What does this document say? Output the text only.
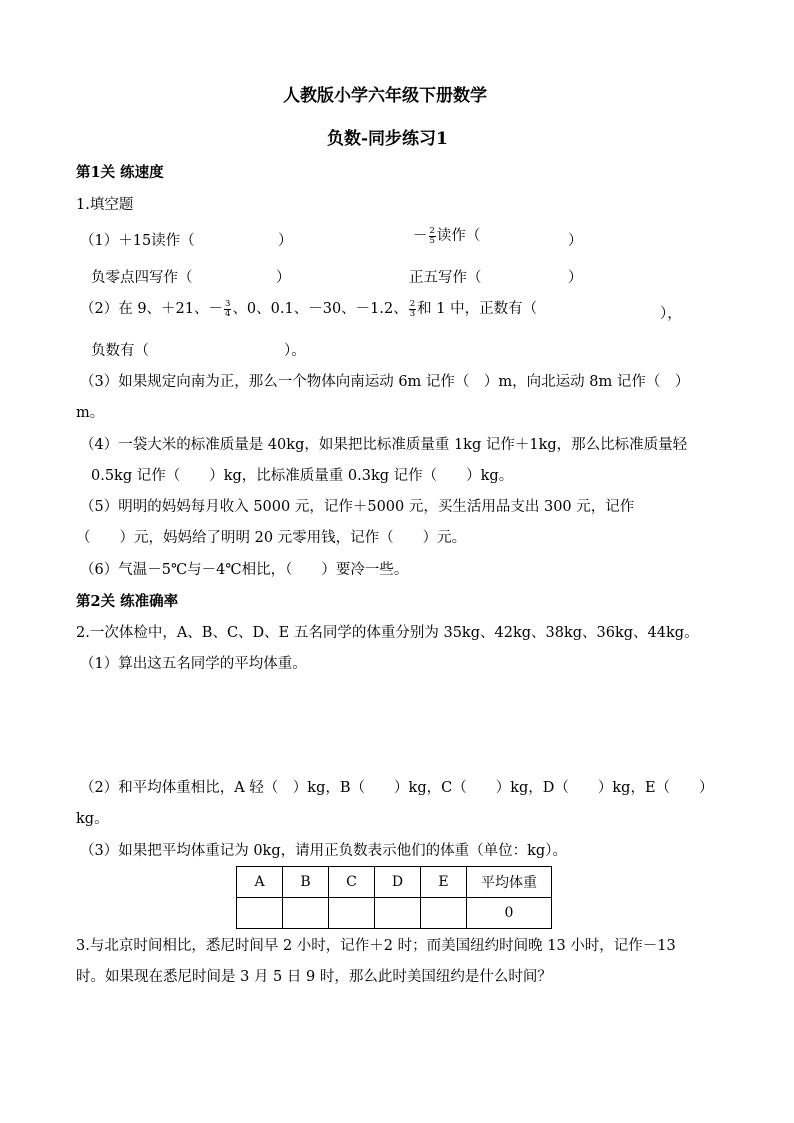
人教版小学六年级下册数学
负数-同步练习1
第1关 练速度
1.填空题
（1）＋15读作（	）	－ $\frac{2}{5}$ 读作（	）
负零点四写作（	）	正五写作（	）
（2）在 9、＋21、－ $\frac{3}{4}$ 、0、0.1、－30、－1.2、 $\frac{2}{3}$ 和 1 中，正数有（	），
负数有（	）。
（3）如果规定向南为正，那么一个物体向南运动 6m 记作（　）m，向北运动 8m 记作（　）
m。
（4）一袋大米的标准质量是 40kg，如果把比标准质量重 1kg 记作＋1kg，那么比标准质量轻
0.5kg 记作（　　）kg，比标准质量重 0.3kg 记作（　　）kg。
（5）明明的妈妈每月收入 5000 元，记作＋5000 元，买生活用品支出 300 元，记作
（　　）元，妈妈给了明明 20 元零用钱，记作（　　）元。
（6）气温－5℃与－4℃相比，（　　）要冷一些。
第2关 练准确率
2.一次体检中，A、B、C、D、E 五名同学的体重分别为 35kg、42kg、38kg、36kg、44kg。
（1）算出这五名同学的平均体重。
（2）和平均体重相比，A 轻（　）kg，B（　　）kg，C（　　）kg，D（　　）kg，E（　　）
kg。
（3）如果把平均体重记为 0kg，请用正负数表示他们的体重（单位：kg）。
A	B	C	D	E	平均体重
					0
3.与北京时间相比，悉尼时间早 2 小时，记作＋2 时；而美国纽约时间晚 13 小时，记作－13
时。如果现在悉尼时间是 3 月 5 日 9 时，那么此时美国纽约是什么时间？
